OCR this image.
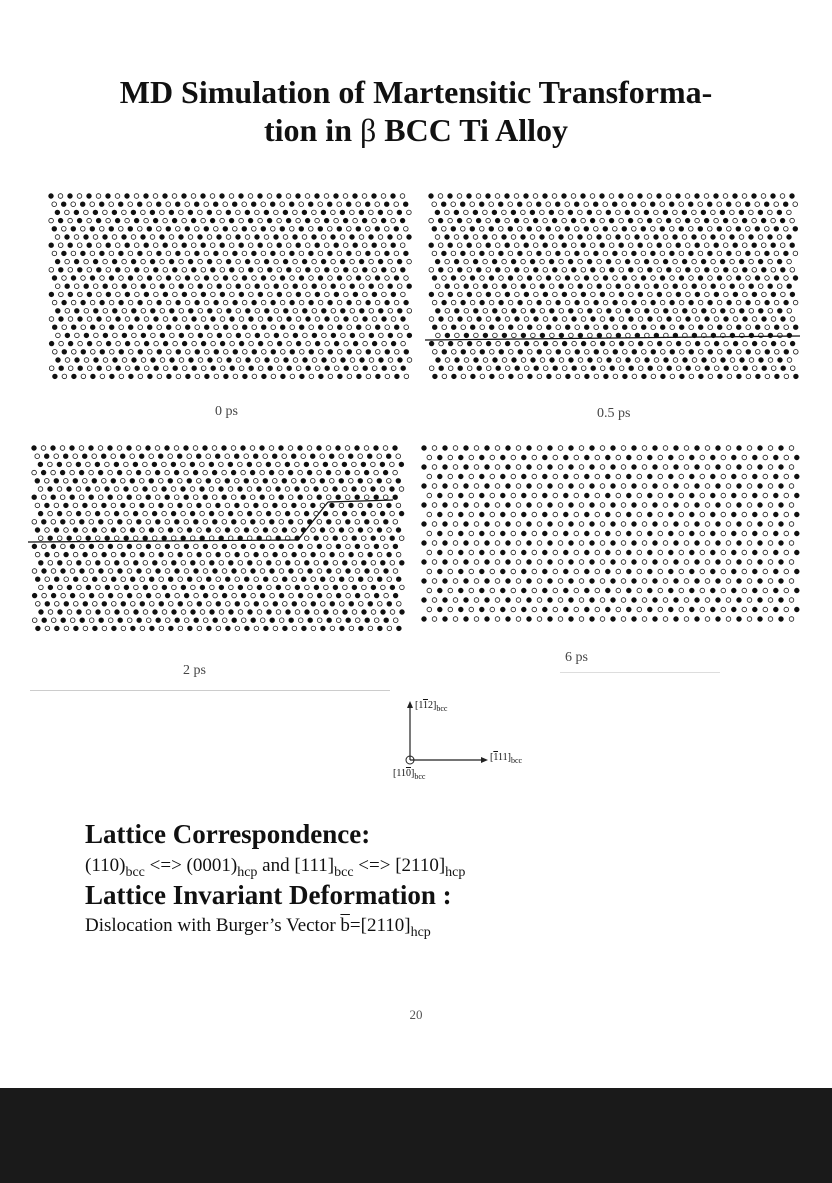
MD Simulation of Martensitic Transforma-
tion in β BCC Ti Alloy
0 ps	0.5 ps
2 ps
6 ps
$[112]_{bcc}$
$[111]_{bcc}$
$[110]_{bcc}$
Lattice Correspondence:
$(110)_{bcc}$ <=> $(0001)_{hcp}$ and $[111]_{bcc}$ <=> $[2110]_{hcp}$
Lattice Invariant Deformation :
Dislocation with Burger’s Vector $\overline{b}=[2110]_{hcp}$
20
